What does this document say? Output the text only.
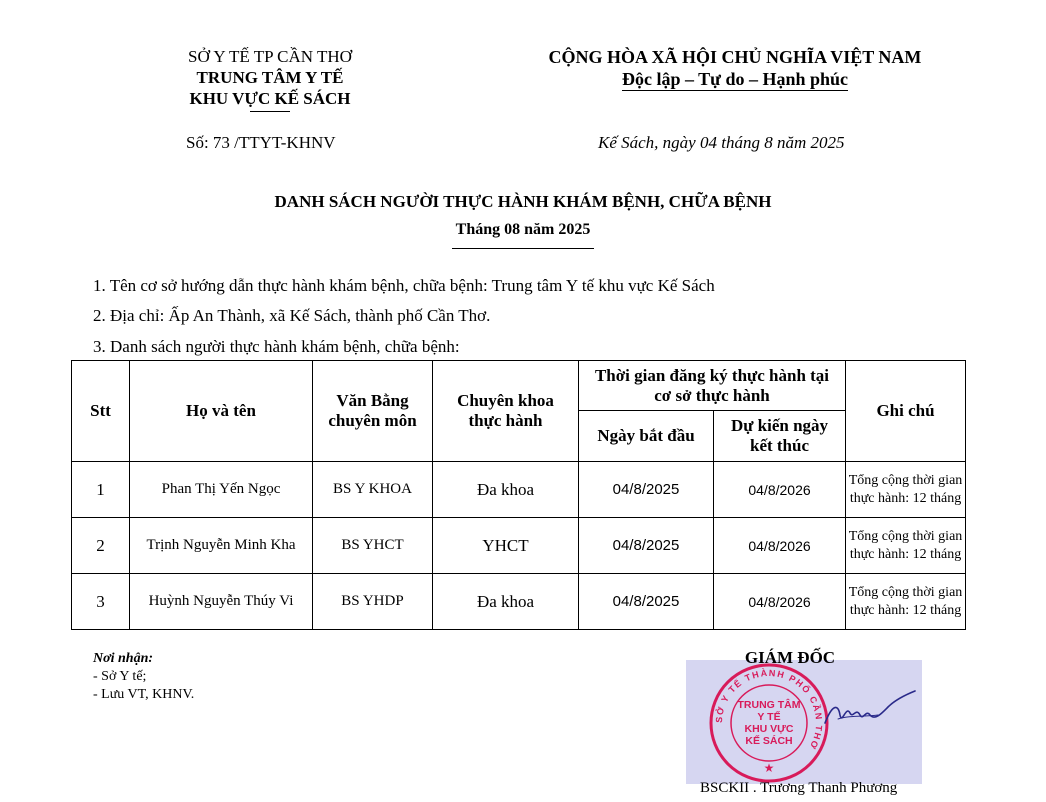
SỞ Y TẾ TP CẦN THƠ
TRUNG TÂM Y TẾ
KHU VỰC KẾ SÁCH
CỘNG HÒA XÃ HỘI CHỦ NGHĨA VIỆT NAM
Độc lập – Tự do – Hạnh phúc
Số: 73 /TTYT-KHNV	Kế Sách, ngày 04 tháng 8 năm 2025
DANH SÁCH NGƯỜI THỰC HÀNH KHÁM BỆNH, CHỮA BỆNH
Tháng 08 năm 2025
1. Tên cơ sở hướng dẫn thực hành khám bệnh, chữa bệnh: Trung tâm Y tế khu vực Kế Sách
2. Địa chỉ: Ấp An Thành, xã Kế Sách, thành phố Cần Thơ.
3. Danh sách người thực hành khám bệnh, chữa bệnh:
Stt	Họ và tên	Văn Bằng chuyên môn	Chuyên khoa thực hành	Thời gian đăng ký thực hành tại cơ sở thực hành		Ghi chú
				Ngày bắt đầu	Dự kiến ngày kết thúc	
1	Phan Thị Yến Ngọc	BS Y KHOA	Đa khoa	04/8/2025	04/8/2026	Tổng cộng thời gian thực hành: 12 tháng
2	Trịnh Nguyễn Minh Kha	BS YHCT	YHCT	04/8/2025	04/8/2026	Tổng cộng thời gian thực hành: 12 tháng
3	Huỳnh Nguyễn Thúy Vi	BS YHDP	Đa khoa	04/8/2025	04/8/2026	Tổng cộng thời gian thực hành: 12 tháng
Nơi nhận:
- Sở Y tế;
- Lưu VT, KHNV.
GIÁM ĐỐC
SỞ Y TẾ THÀNH PHỐ CẦN THƠ
TRUNG TÂM
Y TẾ
KHU VỰC
KẾ SÁCH
★
BSCKII . Trương Thanh Phương
